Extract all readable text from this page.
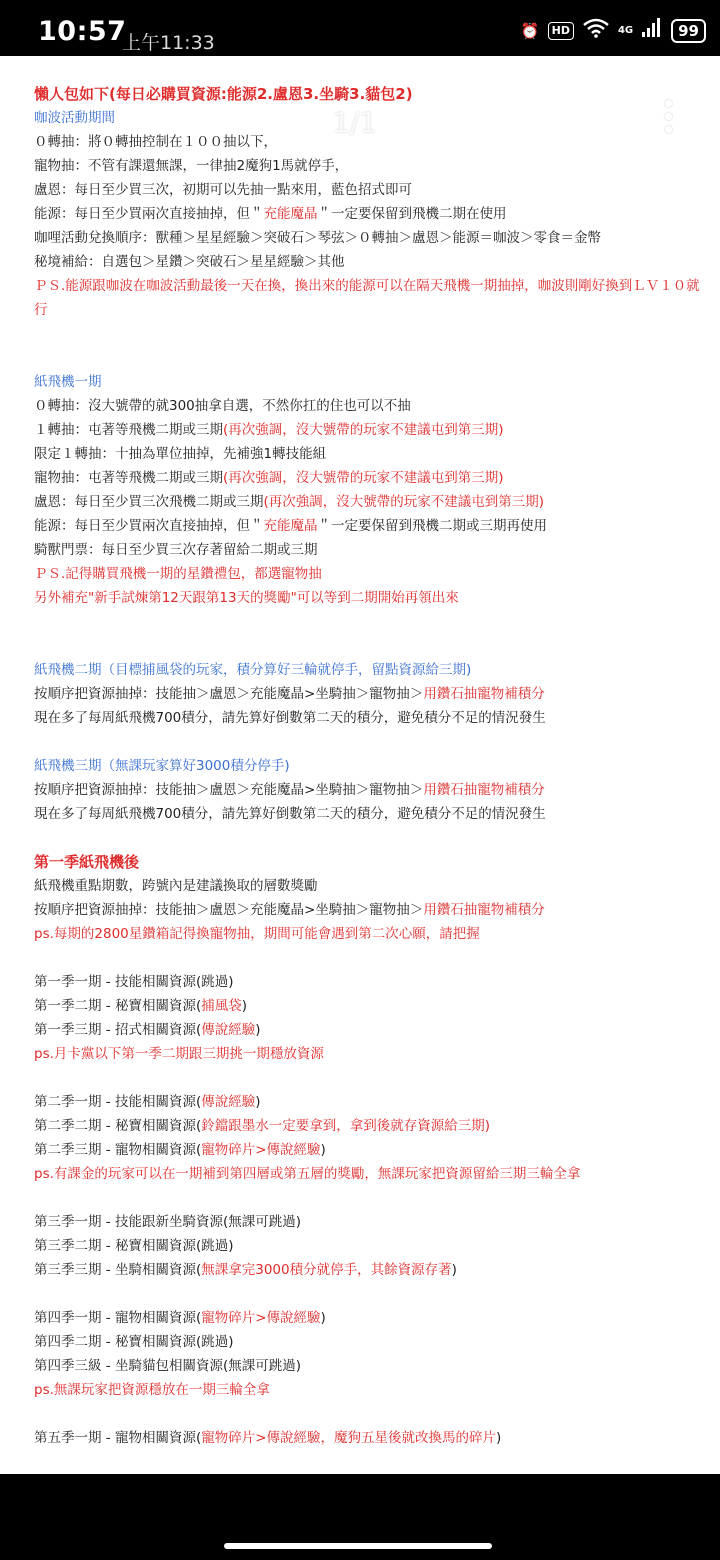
10:57
上午11:33
⏰	HD	4G	99
1/1
懶人包如下(每日必購買資源:能源2.盧恩3.坐騎3.貓包2)
咖波活動期間
０轉抽：將０轉抽控制在１００抽以下，
寵物抽：不管有課還無課，一律抽2魔狗1馬就停手，
盧恩：每日至少買三次，初期可以先抽一點來用，藍色招式即可
能源：每日至少買兩次直接抽掉，但＂充能魔晶＂一定要保留到飛機二期在使用
咖哩活動兌換順序：獸種＞星星經驗＞突破石＞琴弦＞０轉抽＞盧恩＞能源＝咖波＞零食＝金幣
秘境補給：自選包＞星鑽＞突破石＞星星經驗＞其他
ＰＳ.能源跟咖波在咖波活動最後一天在換，換出來的能源可以在隔天飛機一期抽掉，咖波則剛好換到ＬＶ１０就行
紙飛機一期
０轉抽：沒大號帶的就300抽拿自選，不然你扛的住也可以不抽
１轉抽：屯著等飛機二期或三期(再次強調，沒大號帶的玩家不建議屯到第三期)
限定１轉抽：十抽為單位抽掉，先補強1轉技能組
寵物抽：屯著等飛機二期或三期(再次強調，沒大號帶的玩家不建議屯到第三期)
盧恩：每日至少買三次飛機二期或三期(再次強調，沒大號帶的玩家不建議屯到第三期)
能源：每日至少買兩次直接抽掉，但＂充能魔晶＂一定要保留到飛機二期或三期再使用
騎獸門票：每日至少買三次存著留給二期或三期
ＰＳ.記得購買飛機一期的星鑽禮包，都選寵物抽
另外補充"新手試煉第12天跟第13天的獎勵"可以等到二期開始再領出來
紙飛機二期（目標捕風袋的玩家，積分算好三輪就停手，留點資源給三期)
按順序把資源抽掉：技能抽＞盧恩＞充能魔晶>坐騎抽＞寵物抽＞用鑽石抽寵物補積分
現在多了每周紙飛機700積分，請先算好倒數第二天的積分，避免積分不足的情況發生
紙飛機三期（無課玩家算好3000積分停手)
按順序把資源抽掉：技能抽＞盧恩＞充能魔晶>坐騎抽＞寵物抽＞用鑽石抽寵物補積分
現在多了每周紙飛機700積分，請先算好倒數第二天的積分，避免積分不足的情況發生
第一季紙飛機後
紙飛機重點期數，跨號內是建議換取的層數獎勵
按順序把資源抽掉：技能抽＞盧恩＞充能魔晶>坐騎抽＞寵物抽＞用鑽石抽寵物補積分
ps.每期的2800星鑽箱記得換寵物抽，期間可能會遇到第二次心願，請把握
第一季一期 - 技能相關資源(跳過)
第一季二期 - 秘寶相關資源(捕風袋)
第一季三期 - 招式相關資源(傳說經驗)
ps.月卡黨以下第一季二期跟三期挑一期穩放資源
第二季一期 - 技能相關資源(傳說經驗)
第二季二期 - 秘寶相關資源(鈴鐺跟墨水一定要拿到，拿到後就存資源給三期)
第二季三期 - 寵物相關資源(寵物碎片>傳說經驗)
ps.有課金的玩家可以在一期補到第四層或第五層的獎勵，無課玩家把資源留給三期三輪全拿
第三季一期 - 技能跟新坐騎資源(無課可跳過)
第三季二期 - 秘寶相關資源(跳過)
第三季三期 - 坐騎相關資源(無課拿完3000積分就停手，其餘資源存著)
第四季一期 - 寵物相關資源(寵物碎片>傳說經驗)
第四季二期 - 秘寶相關資源(跳過)
第四季三級 - 坐騎貓包相關資源(無課可跳過)
ps.無課玩家把資源穩放在一期三輪全拿
第五季一期 - 寵物相關資源(寵物碎片>傳說經驗，魔狗五星後就改換馬的碎片)
